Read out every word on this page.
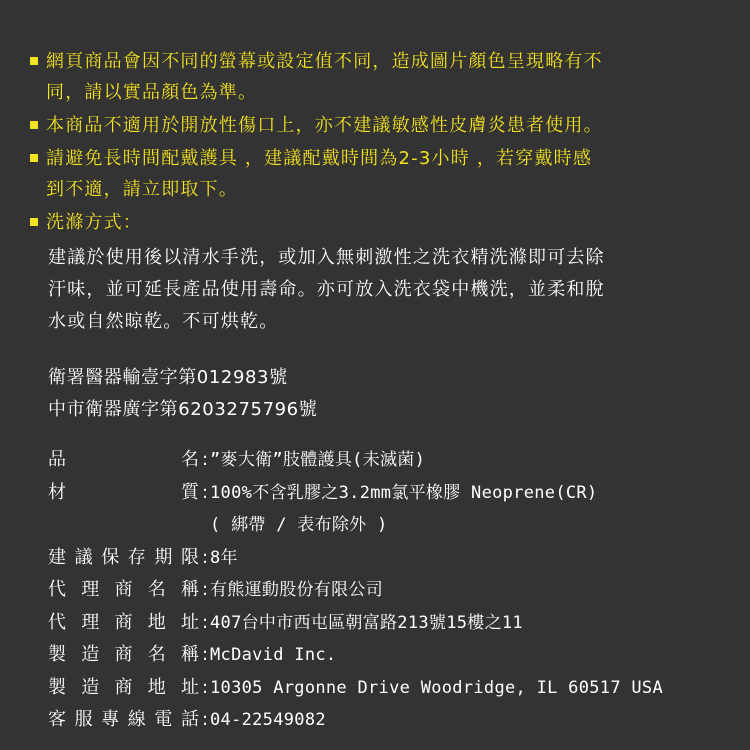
網頁商品會因不同的螢幕或設定值不同，造成圖片顏色呈現略有不
同，請以實品顏色為準。
本商品不適用於開放性傷口上，亦不建議敏感性皮膚炎患者使用。
請避免長時間配戴護具 ，建議配戴時間為2-3小時 ，若穿戴時感
到不適，請立即取下。
洗滌方式：
建議於使用後以清水手洗，或加入無刺激性之洗衣精洗滌即可去除
汗味，並可延長產品使用壽命。亦可放入洗衣袋中機洗，並柔和脫
水或自然晾乾。不可烘乾。
衛署醫器輸壹字第012983號
中市衛器廣字第6203275796號
品	名 : ”麥大衛”肢體護具(未滅菌)
材	質 : 100%不含乳膠之3.2mm氯平橡膠 Neoprene(CR)
( 綁帶 / 表布除外 )
建 議 保 存 期 限 : 8年
代 理 商 名 稱 : 有熊運動股份有限公司
代 理 商 地 址 : 407台中市西屯區朝富路213號15樓之11
製 造 商 名 稱 : McDavid Inc.
製 造 商 地 址 : 10305 Argonne Drive Woodridge, IL 60517 USA
客 服 專 線 電 話 : 04-22549082
